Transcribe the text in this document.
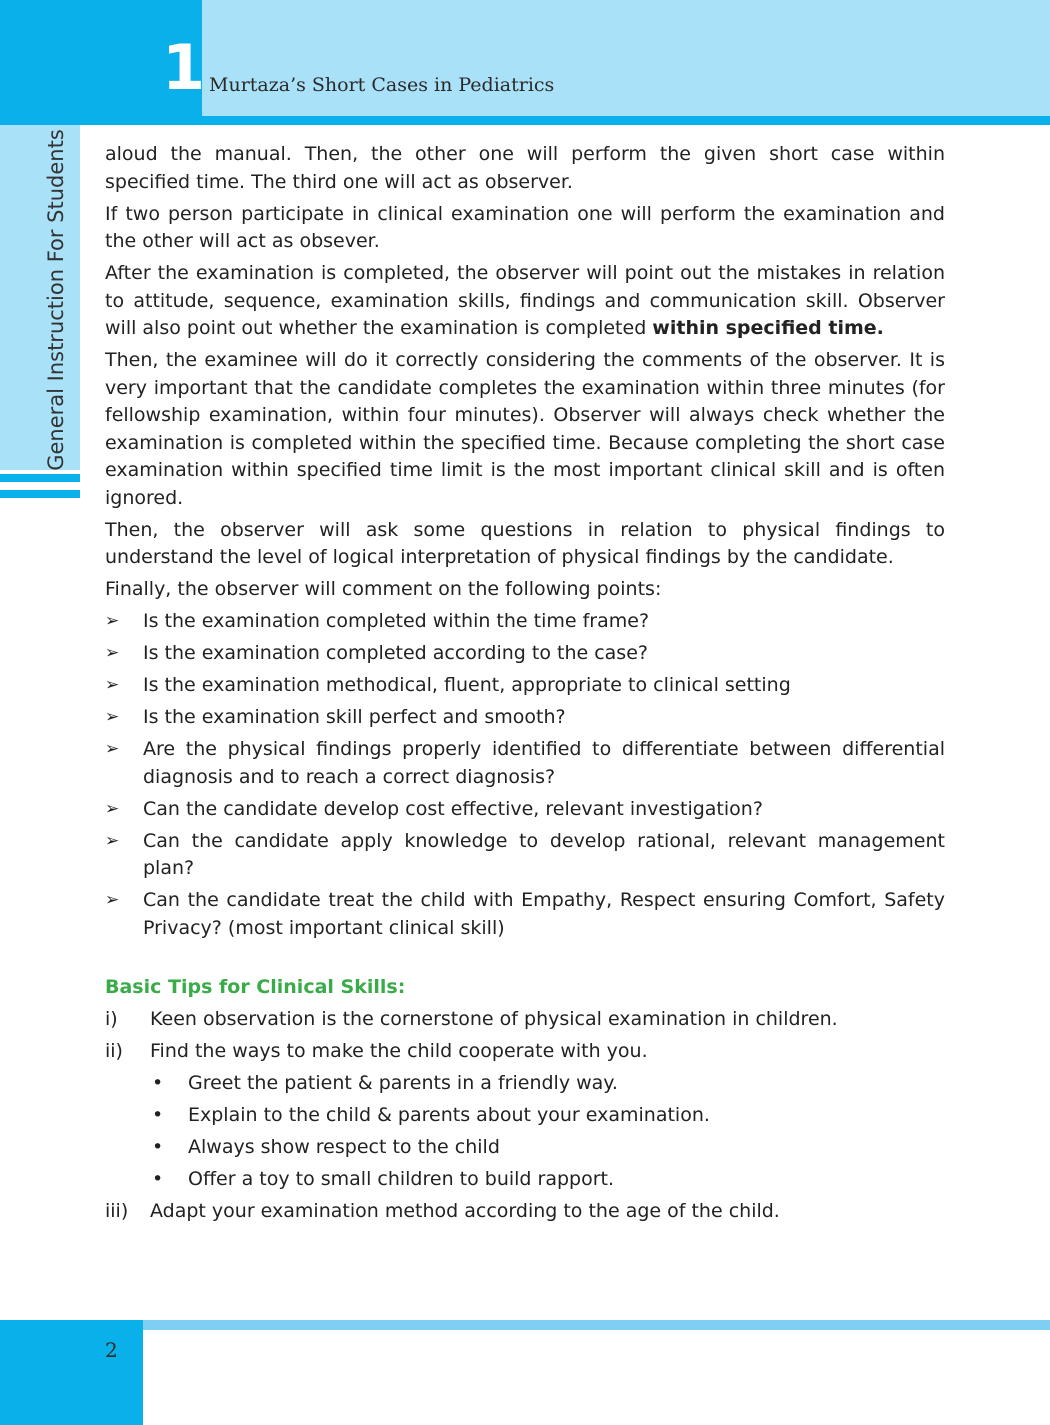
1 Murtaza’s Short Cases in Pediatrics
General Instruction For Students aloud the manual. Then, the other one will perform the given short case within specified time. The third one will act as observer.

If two person participate in clinical examination one will perform the examination and the other will act as obsever.

After the examination is completed, the observer will point out the mistakes in relation to attitude, sequence, examination skills, findings and communication skill. Observer will also point out whether the examination is completed within specified time.

Then, the examinee will do it correctly considering the comments of the observer. It is very important that the candidate completes the examination within three minutes (for fellowship examination, within four minutes). Observer will always check whether the examination is completed within the specified time. Because completing the short case examination within specified time limit is the most important clinical skill and is often ignored.

Then, the observer will ask some questions in relation to physical findings to understand the level of logical interpretation of physical findings by the candidate.

Finally, the observer will comment on the following points:

➢ Is the examination completed within the time frame?
➢ Is the examination completed according to the case?
➢ Is the examination methodical, fluent, appropriate to clinical setting
➢ Is the examination skill perfect and smooth?
➢ Are the physical findings properly identified to differentiate between differential diagnosis and to reach a correct diagnosis?
➢ Can the candidate develop cost effective, relevant investigation?
➢ Can the candidate apply knowledge to develop rational, relevant management plan?
➢ Can the candidate treat the child with Empathy, Respect ensuring Comfort, Safety Privacy? (most important clinical skill)
Basic Tips for Clinical Skills:
i) Keen observation is the cornerstone of physical examination in children.
ii) Find the ways to make the child cooperate with you.
• Greet the patient & parents in a friendly way.
• Explain to the child & parents about your examination.
• Always show respect to the child
• Offer a toy to small children to build rapport.
iii) Adapt your examination method according to the age of the child.
2
